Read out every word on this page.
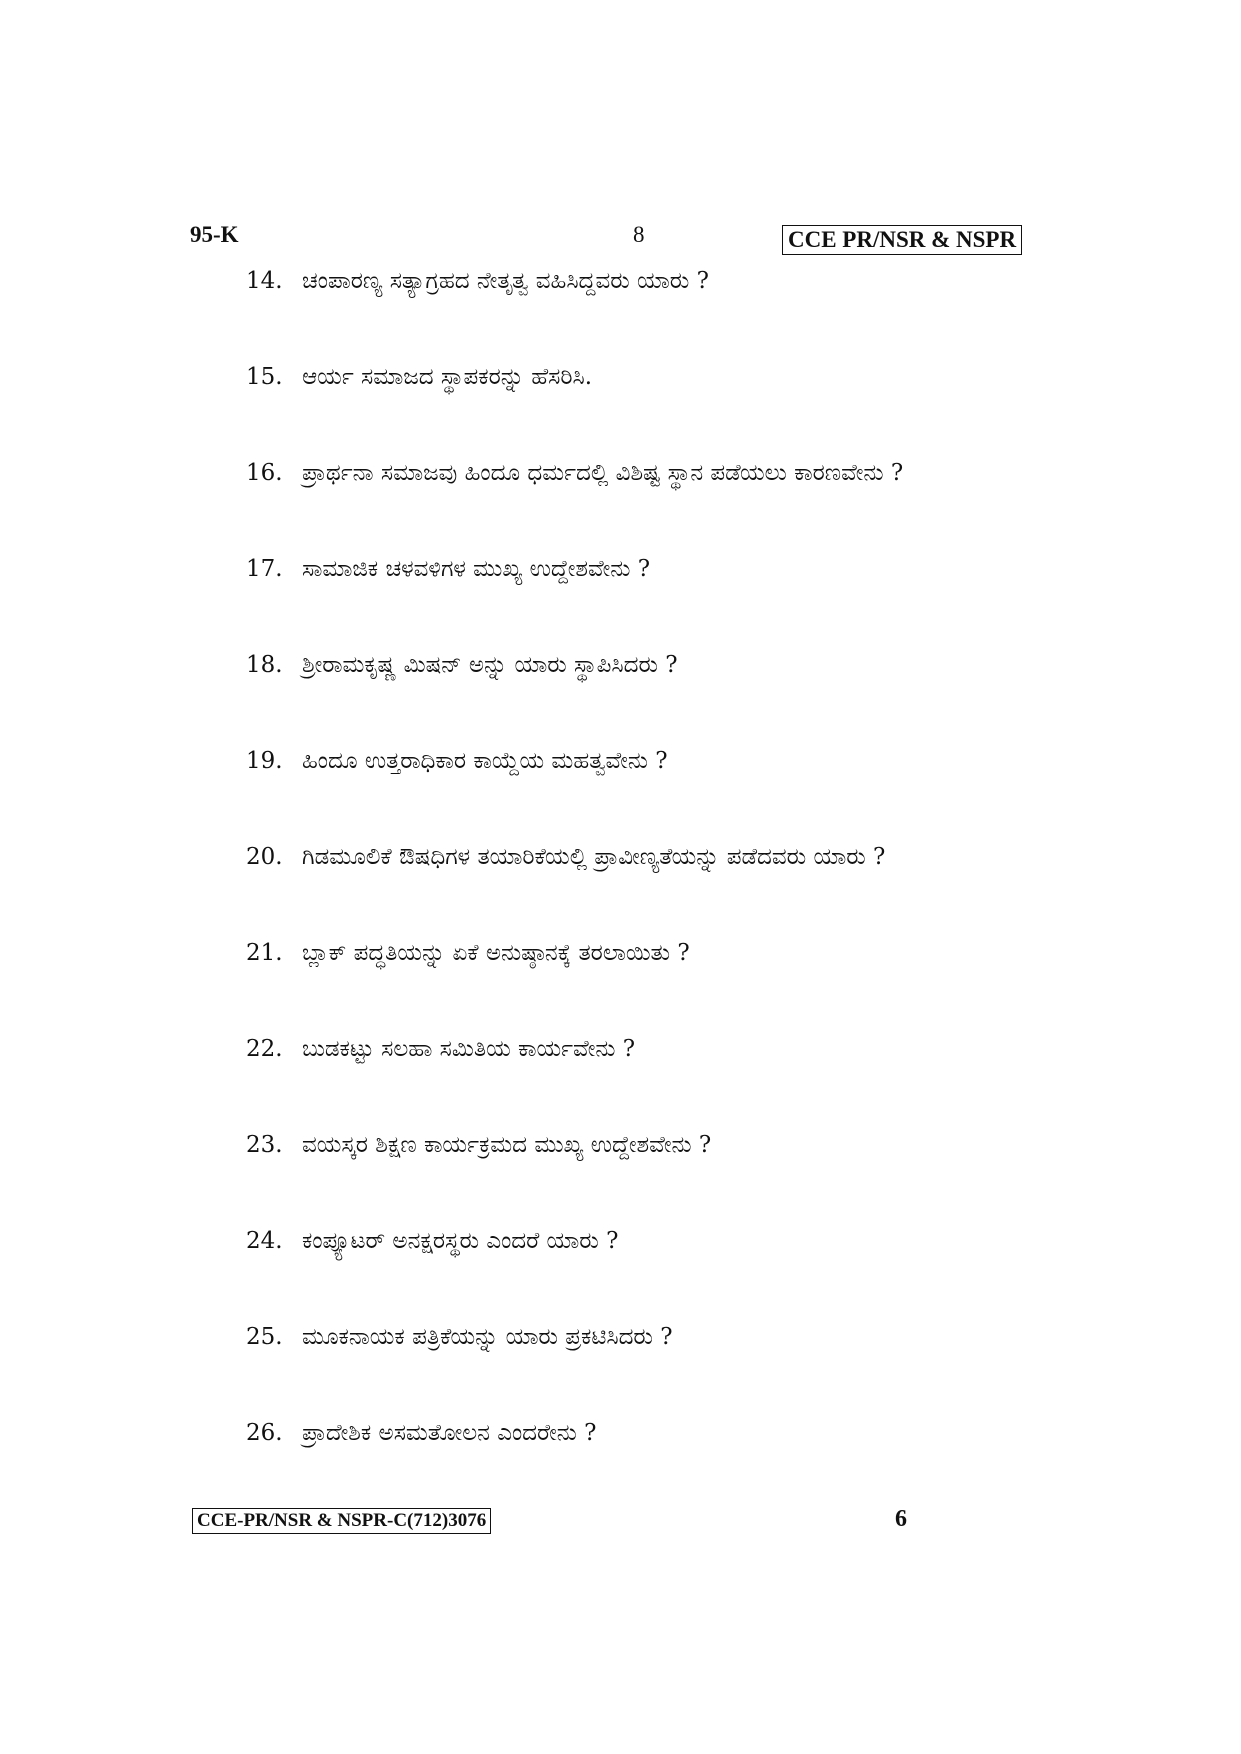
95-K	8	CCE PR/NSR & NSPR
14. ಚಂಪಾರಣ್ಯ ಸತ್ಯಾಗ್ರಹದ ನೇತೃತ್ವ ವಹಿಸಿದ್ದವರು ಯಾರು ?
15. ಆರ್ಯ ಸಮಾಜದ ಸ್ಥಾಪಕರನ್ನು ಹೆಸರಿಸಿ.
16. ಪ್ರಾರ್ಥನಾ ಸಮಾಜವು ಹಿಂದೂ ಧರ್ಮದಲ್ಲಿ ವಿಶಿಷ್ಟ ಸ್ಥಾನ ಪಡೆಯಲು ಕಾರಣವೇನು ?
17. ಸಾಮಾಜಿಕ ಚಳವಳಿಗಳ ಮುಖ್ಯ ಉದ್ದೇಶವೇನು ?
18. ಶ್ರೀರಾಮಕೃಷ್ಣ ಮಿಷನ್ ಅನ್ನು ಯಾರು ಸ್ಥಾಪಿಸಿದರು ?
19. ಹಿಂದೂ ಉತ್ತರಾಧಿಕಾರ ಕಾಯ್ದೆಯ ಮಹತ್ವವೇನು ?
20. ಗಿಡಮೂಲಿಕೆ ಔಷಧಿಗಳ ತಯಾರಿಕೆಯಲ್ಲಿ ಪ್ರಾವೀಣ್ಯತೆಯನ್ನು ಪಡೆದವರು ಯಾರು ?
21. ಬ್ಲಾಕ್ ಪದ್ಧತಿಯನ್ನು ಏಕೆ ಅನುಷ್ಠಾನಕ್ಕೆ ತರಲಾಯಿತು ?
22. ಬುಡಕಟ್ಟು ಸಲಹಾ ಸಮಿತಿಯ ಕಾರ್ಯವೇನು ?
23. ವಯಸ್ಕರ ಶಿಕ್ಷಣ ಕಾರ್ಯಕ್ರಮದ ಮುಖ್ಯ ಉದ್ದೇಶವೇನು ?
24. ಕಂಪ್ಯೂಟರ್ ಅನಕ್ಷರಸ್ಥರು ಎಂದರೆ ಯಾರು ?
25. ಮೂಕನಾಯಕ ಪತ್ರಿಕೆಯನ್ನು ಯಾರು ಪ್ರಕಟಿಸಿದರು ?
26. ಪ್ರಾದೇಶಿಕ ಅಸಮತೋಲನ ಎಂದರೇನು ?
CCE-PR/NSR & NSPR-C(712)3076	6
